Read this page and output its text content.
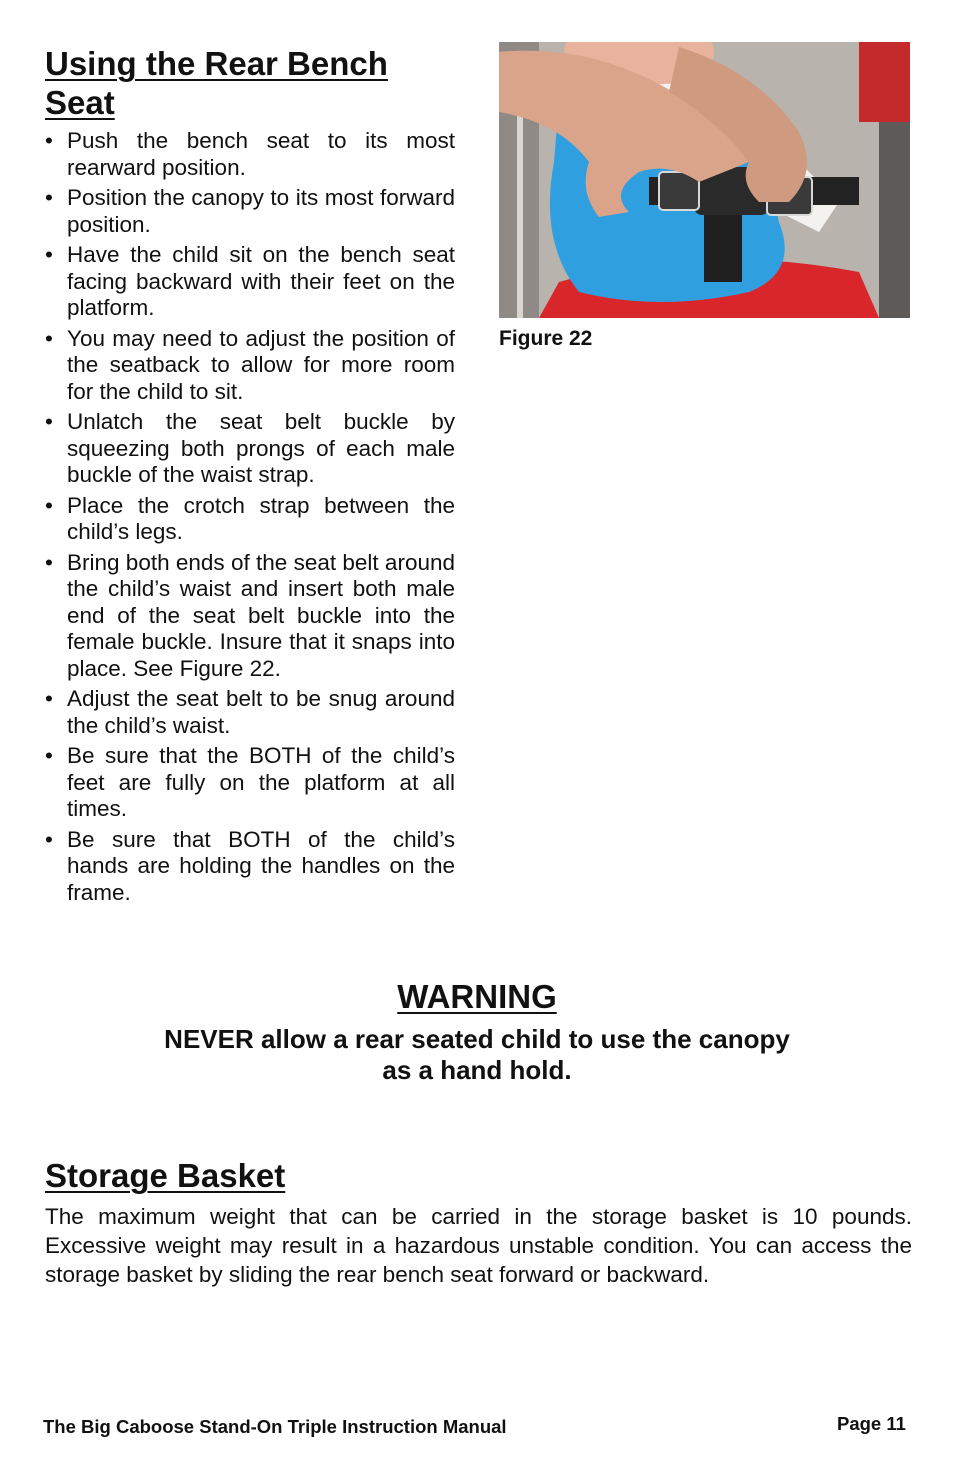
Using the Rear Bench Seat
• Push the bench seat to its most rearward position.
• Position the canopy to its most forward position.
• Have the child sit on the bench seat facing backward with their feet on the platform.
• You may need to adjust the position of the seatback to allow for more room for the child to sit.
• Unlatch the seat belt buckle by squeezing both prongs of each male buckle of the waist strap.
• Place the crotch strap between the child’s legs.
• Bring both ends of the seat belt around the child’s waist and insert both male end of the seat belt buckle into the female buckle. Insure that it snaps into place. See Figure 22.
• Adjust the seat belt to be snug around the child’s waist.
• Be sure that the BOTH of the child’s feet are fully on the platform at all times.
• Be sure that BOTH of the child’s hands are holding the handles on the frame.
Figure 22
WARNING

NEVER allow a rear seated child to use the canopy
as a hand hold.

Storage Basket

The maximum weight that can be carried in the storage basket is 10 pounds. Excessive weight may result in a hazardous unstable condition. You can access the storage basket by sliding the rear bench seat forward or backward.

The Big Caboose Stand-On Triple Instruction Manual	Page 11
